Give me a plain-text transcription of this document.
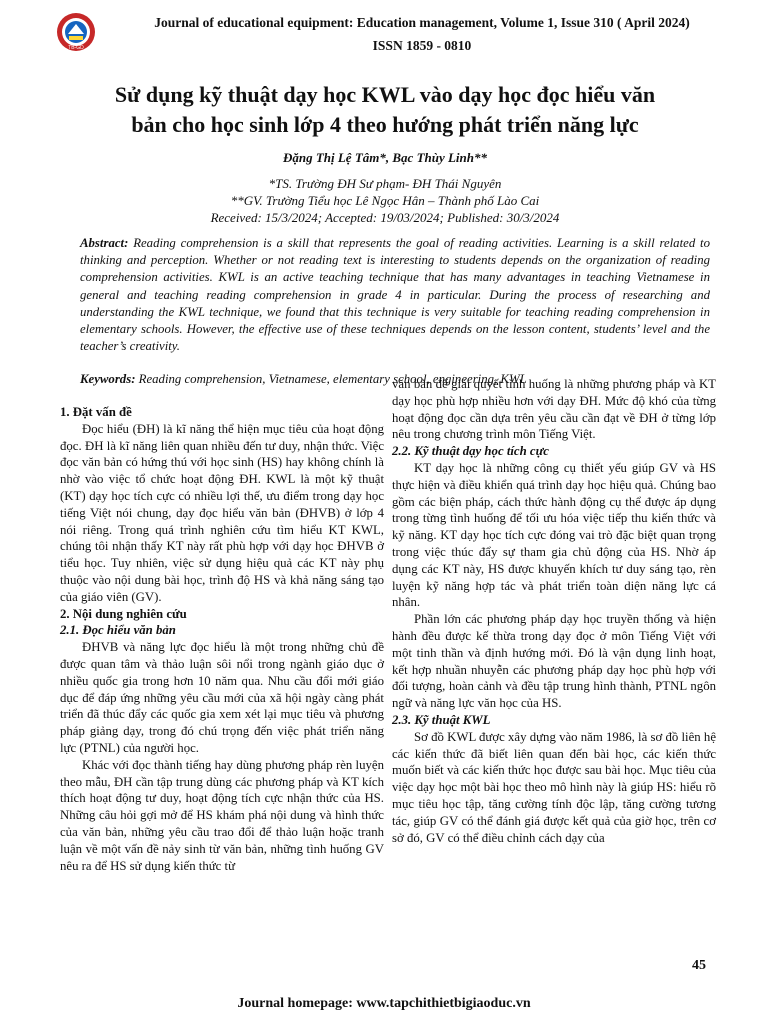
TB-GD
Journal of educational equipment: Education management, Volume 1, Issue 310 ( April 2024)
ISSN 1859 - 0810
Sử dụng kỹ thuật dạy học KWL vào dạy học đọc hiểu văn
bản cho học sinh lớp 4 theo hướng phát triển năng lực
Đặng Thị Lệ Tâm*, Bạc Thùy Linh**
*TS. Trường ĐH Sư phạm- ĐH Thái Nguyên
**GV. Trường Tiểu học Lê Ngọc Hân – Thành phố Lào Cai
Received: 15/3/2024; Accepted: 19/03/2024; Published: 30/3/2024
Abstract: Reading comprehension is a skill that represents the goal of reading activities. Learning is a skill related to thinking and perception. Whether or not reading text is interesting to students depends on the organization of reading comprehension activities. KWL is an active teaching technique that has many advantages in teaching Vietnamese in general and teaching reading comprehension in grade 4 in particular. During the process of researching and understanding the KWL technique, we found that this technique is very suitable for teaching reading comprehension in elementary schools. However, the effective use of these techniques depends on the lesson content, students’ level and the teacher’s creativity.
Keywords: Reading comprehension, Vietnamese, elementary school, engineering, KWL

1. Đặt vấn đề

Đọc hiểu (ĐH) là kĩ năng thể hiện mục tiêu của hoạt động đọc. ĐH là kĩ năng liên quan nhiều đến tư duy, nhận thức. Việc đọc văn bản có hứng thú với học sinh (HS) hay không chính là nhờ vào việc tổ chức hoạt động ĐH. KWL là một kỹ thuật (KT) dạy học tích cực có nhiều lợi thế, ưu điểm trong dạy học tiếng Việt nói chung, dạy đọc hiểu văn bản (ĐHVB) ở lớp 4 nói riêng. Trong quá trình nghiên cứu tìm hiểu KT KWL, chúng tôi nhận thấy KT này rất phù hợp với dạy học ĐHVB ở tiểu học. Tuy nhiên, việc sử dụng hiệu quả các KT này phụ thuộc vào nội dung bài học, trình độ HS và khả năng sáng tạo của giáo viên (GV).

2. Nội dung nghiên cứu

2.1. Đọc hiểu văn bản

ĐHVB và năng lực đọc hiểu là một trong những chủ đề được quan tâm và thảo luận sôi nổi trong ngành giáo dục ở nhiều quốc gia trong hơn 10 năm qua. Nhu cầu đổi mới giáo dục để đáp ứng những yêu cầu mới của xã hội ngày càng phát triển đã thúc đẩy các quốc gia xem xét lại mục tiêu và phương pháp giảng dạy, trong đó chú trọng đến việc phát triển năng lực (PTNL) của người học.

Khác với đọc thành tiếng hay dùng phương pháp rèn luyện theo mẫu, ĐH cần tập trung dùng các phương pháp và KT kích thích hoạt động tư duy, hoạt động tích cực nhận thức của HS. Những câu hỏi gợi mở để HS khám phá nội dung và hình thức của văn bản, những yêu cầu trao đổi để thảo luận hoặc tranh luận về một vấn đề nảy sinh từ văn bản, những tình huống GV nêu ra để HS sử dụng kiến thức từ

văn bản để giải quyết tình huống là những phương pháp và KT dạy học phù hợp nhiều hơn với dạy ĐH. Mức độ khó của từng hoạt động đọc cần dựa trên yêu cầu cần đạt về ĐH ở từng lớp nêu trong chương trình môn Tiếng Việt.

2.2. Kỹ thuật dạy học tích cực

KT dạy học là những công cụ thiết yếu giúp GV và HS thực hiện và điều khiển quá trình dạy học hiệu quả. Chúng bao gồm các biện pháp, cách thức hành động cụ thể được áp dụng trong từng tình huống để tối ưu hóa việc tiếp thu kiến thức và kỹ năng. KT dạy học tích cực đóng vai trò đặc biệt quan trọng trong việc thúc đẩy sự tham gia chủ động của HS. Nhờ áp dụng các KT này, HS được khuyến khích tư duy sáng tạo, rèn luyện kỹ năng hợp tác và phát triển toàn diện năng lực cá nhân.

Phần lớn các phương pháp dạy học truyền thống và hiện hành đều được kế thừa trong dạy đọc ở môn Tiếng Việt với một tinh thần và định hướng mới. Đó là vận dụng linh hoạt, kết hợp nhuần nhuyễn các phương pháp dạy học phù hợp với đối tượng, hoàn cảnh và đều tập trung hình thành, PTNL ngôn ngữ và năng lực văn học của HS.

2.3. Kỹ thuật KWL

Sơ đồ KWL được xây dựng vào năm 1986, là sơ đồ liên hệ các kiến thức đã biết liên quan đến bài học, các kiến thức muốn biết và các kiến thức học được sau bài học. Mục tiêu của việc dạy học một bài học theo mô hình này là giúp HS: hiểu rõ mục tiêu học tập, tăng cường tính độc lập, tăng cường tương tác, giúp GV có thể đánh giá được kết quả của giờ học, trên cơ sở đó, GV có thể điều chỉnh cách dạy của

45
Journal homepage: www.tapchithietbigiaoduc.vn
